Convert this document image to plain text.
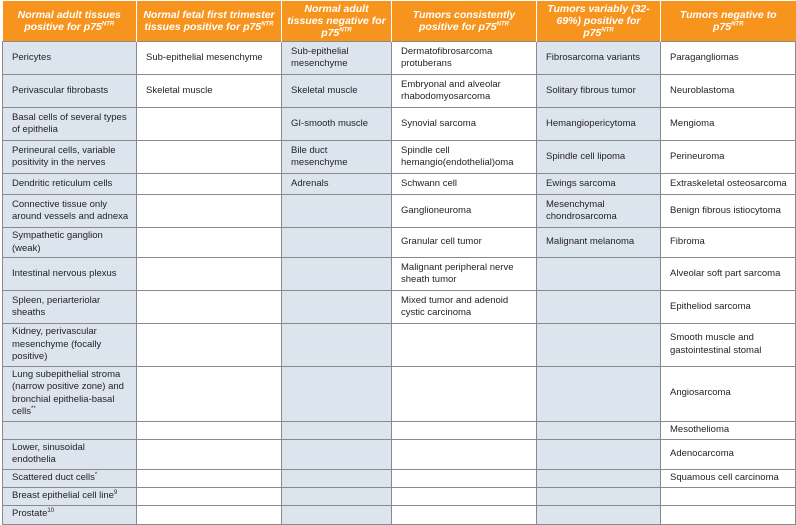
Normal adult tissues positive for $p75^{NTR}$	Normal fetal first trimester tissues positive for $p75^{NTR}$	Normal adult tissues negative for $p75^{NTR}$	Tumors consistently positive for $p75^{NTR}$	Tumors variably (32-69%) positive for $p75^{NTR}$	Tumors negative to $p75^{NTR}$
Pericytes	Sub-epithelial mesenchyme	Sub-epithelial mesenchyme	Dermatofibrosarcoma protuberans	Fibrosarcoma variants	Paragangliomas
Perivascular fibrobasts	Skeletal muscle	Skeletal muscle	Embryonal and alveolar rhabodomyosarcoma	Solitary fibrous tumor	Neuroblastoma
Basal cells of several types of epithelia		GI-smooth muscle	Synovial sarcoma	Hemangiopericytoma	Mengioma
Perineural cells, variable positivity in the nerves		Bile duct mesenchyme	Spindle cell hemangio(endothelial)oma	Spindle cell lipoma	Perineuroma
Dendritic reticulum cells		Adrenals	Schwann cell	Ewings sarcoma	Extraskeletal osteosarcoma
Connective tissue only around vessels and adnexa			Ganglioneuroma	Mesenchymal chondrosarcoma	Benign fibrous istiocytoma
Sympathetic ganglion (weak)			Granular cell tumor	Malignant melanoma	Fibroma
Intestinal nervous plexus			Malignant peripheral nerve sheath tumor		Alveolar soft part sarcoma
Spleen, periarteriolar sheaths			Mixed tumor and adenoid cystic carcinoma		Epitheliod sarcoma
Kidney, perivascular mesenchyme (focally positive)					Smooth muscle and gastointestinal stomal
Lung subepithelial stroma (narrow positive zone) and bronchial epithelia-basal cells**					Angiosarcoma
					Mesothelioma
Lower, sinusoidal endothelia					Adenocarcoma
Scattered duct cells*					Squamous cell carcinoma
Breast epithelial cell line$^9$					
Prostate$^{10}$					
